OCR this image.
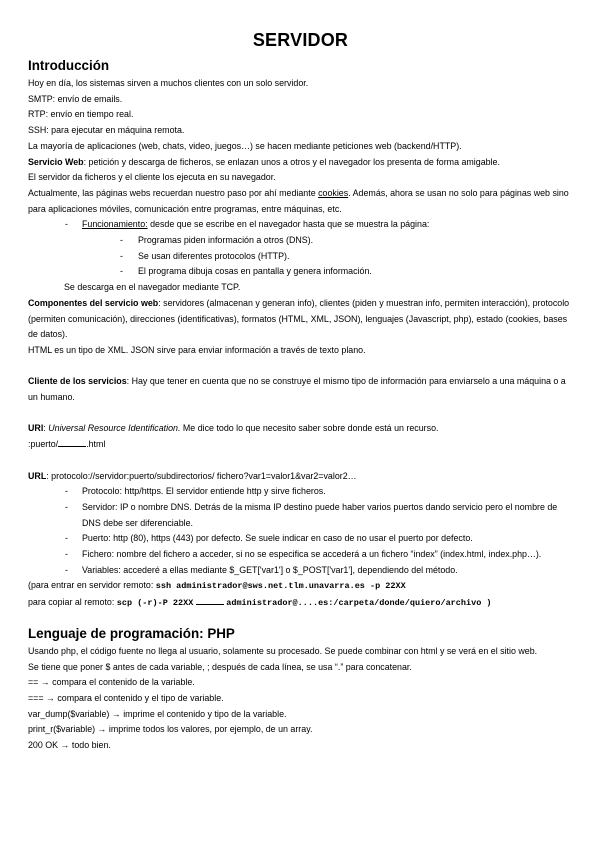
SERVIDOR
Introducción

Hoy en día, los sistemas sirven a muchos clientes con un solo servidor.

SMTP: envío de emails.

RTP: envío en tiempo real.

SSH: para ejecutar en máquina remota.

La mayoría de aplicaciones (web, chats, video, juegos…) se hacen mediante peticiones web (backend/HTTP).

Servicio Web: petición y descarga de ficheros, se enlazan unos a otros y el navegador los presenta de forma amigable.

El servidor da ficheros y el cliente los ejecuta en su navegador.

Actualmente, las páginas webs recuerdan nuestro paso por ahí mediante cookies. Además, ahora se usan no solo para páginas web sino para aplicaciones móviles, comunicación entre programas, entre máquinas, etc.

- Funcionamiento: desde que se escribe en el navegador hasta que se muestra la página:
- Programas piden información a otros (DNS).
- Se usan diferentes protocolos (HTTP).
- El programa dibuja cosas en pantalla y genera información.

Se descarga en el navegador mediante TCP.

Componentes del servicio web: servidores (almacenan y generan info), clientes (piden y muestran info, permiten interacción), protocolo (permiten comunicación), direcciones (identificativas), formatos (HTML, XML, JSON), lenguajes (Javascript, php), estado (cookies, bases de datos).

HTML es un tipo de XML. JSON sirve para enviar información a través de texto plano.

Cliente de los servicios: Hay que tener en cuenta que no se construye el mismo tipo de información para enviarselo a una máquina o a un humano.

URI: Universal Resource Identification. Me dice todo lo que necesito saber sobre donde está un recurso.

:puerto/	.html

URL: protocolo://servidor:puerto/subdirectorios/ fichero?var1=valor1&var2=valor2…

- Protocolo: http/https. El servidor entiende http y sirve ficheros.
- Servidor: IP o nombre DNS. Detrás de la misma IP destino puede haber varios puertos dando servicio pero el nombre de DNS debe ser diferenciable.
- Puerto: http (80), https (443) por defecto. Se suele indicar en caso de no usar el puerto por defecto.
- Fichero: nombre del fichero a acceder, si no se especifica se accederá a un fichero “index” (index.html, index.php…).
- Variables: accederé a ellas mediante $_GET['var1'] o $_POST['var1'], dependiendo del método.

(para entrar en servidor remoto: ssh administrador@sws.net.tlm.unavarra.es -p 22XX

para copiar al remoto: scp (-r)-P 22XX	administrador@....es:/carpeta/donde/quiero/archivo )

Lenguaje de programación: PHP

Usando php, el código fuente no llega al usuario, solamente su procesado. Se puede combinar con html y se verá en el sitio web.

Se tiene que poner $ antes de cada variable, ; después de cada línea, se usa “.” para concatenar.

== → compara el contenido de la variable.

=== → compara el contenido y el tipo de variable.

var_dump($variable) → imprime el contenido y tipo de la variable.

print_r($variable) → imprime todos los valores, por ejemplo, de un array.

200 OK → todo bien.
